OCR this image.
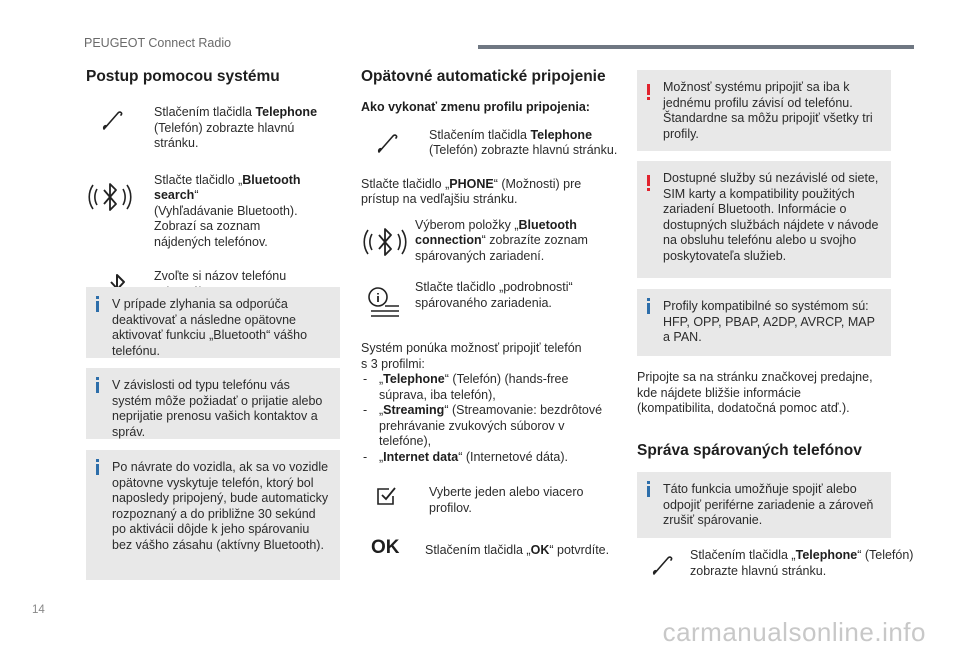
PEUGEOT Connect Radio
14
Postup pomocou systému
Stlačením tlačidla Telephone
(Telefón) zobrazte hlavnú stránku.
Stlačte tlačidlo „Bluetooth search“
(Vyhľadávanie Bluetooth).

Zobrazí sa zoznam nájdených telefónov.
Zvoľte si názov telefónu
V prípade zlyhania sa odporúča deaktivovať a následne opätovne aktivovať funkciu „Bluetooth“ vášho telefónu.
V závislosti od typu telefónu vás systém môže požiadať o prijatie alebo neprijatie prenosu vašich kontaktov a správ.
Po návrate do vozidla, ak sa vo vozidle opätovne vyskytuje telefón, ktorý bol naposledy pripojený, bude automaticky rozpoznaný a do približne 30 sekúnd po aktivácii dôjde k jeho spárovaniu bez vášho zásahu (aktívny Bluetooth).
Opätovné automatické pripojenie
Ako vykonať zmenu profilu pripojenia:
Stlačením tlačidla Telephone
(Telefón) zobrazte hlavnú stránku.
Stlačte tlačidlo „PHONE“ (Možnosti) pre prístup na vedľajšiu stránku.
Výberom položky „Bluetooth connection“ zobrazíte zoznam spárovaných zariadení.
Stlačte tlačidlo „podrobnosti“ spárovaného zariadenia.
Systém ponúka možnosť pripojiť telefón s 3 profilmi:
- „Telephone“ (Telefón) (hands-free súprava, iba telefón),
- „Streaming“ (Streamovanie: bezdrôtové prehrávanie zvukových súborov v telefóne),
- „Internet data“ (Internetové dáta).
Vyberte jeden alebo viacero profilov.
OK	Stlačením tlačidla „OK“ potvrdíte.
Možnosť systému pripojiť sa iba k jednému profilu závisí od telefónu. Štandardne sa môžu pripojiť všetky tri profily.
Dostupné služby sú nezávislé od siete, SIM karty a kompatibility použitých zariadení Bluetooth. Informácie o dostupných službách nájdete v návode na obsluhu telefónu alebo u svojho poskytovateľa služieb.
Profily kompatibilné so systémom sú: HFP, OPP, PBAP, A2DP, AVRCP, MAP a PAN.
Pripojte sa na stránku značkovej predajne, kde nájdete bližšie informácie (kompatibilita, dodatočná pomoc atď.).
Správa spárovaných telefónov
Táto funkcia umožňuje spojiť alebo odpojiť periférne zariadenie a zároveň zrušiť spárovanie.
Stlačením tlačidla „Telephone“ (Telefón) zobrazte hlavnú stránku.
carmanualsonline.info
